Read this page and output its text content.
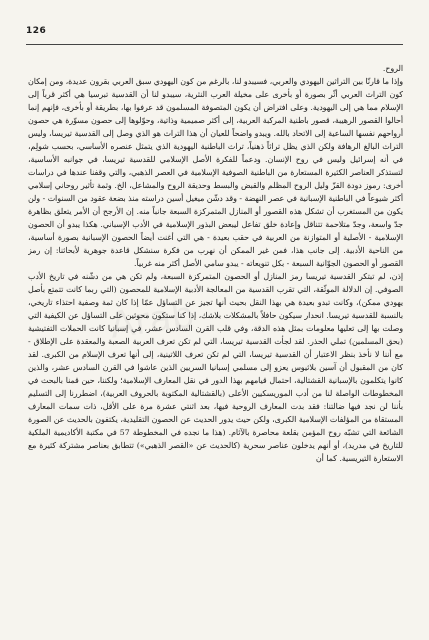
126

الروح.

وإذا ما قارنّا بين التراثين اليهودي والعربي، فسيبدو لنا، بالرغم من كون اليهودي سبق العربي بقرون عديدة، ومن إمكان كون التراث العربي أثّر بصورة أو بأخرى على مخيلة العرب النثرية، سيبدو لنا أن القدسية تبرسيا هي أكثر قرباً إلى الإسلام مما هي إلى اليهودية. وعلى افتراض أن يكون المتصوفة المسلمون قد عرفوا بها، بطريقة أو بأخرى، فإنهم إنما أحالوا القصور الرهيبة، قصور باطنية المركبة العربية، إلى أكثر صميمية وذاتية، وحوّلوها إلى حصون مسوّرة هي حصون أرواحهم نفسها الساعية إلى الاتحاد بالله. ويبدو واضحاً للعيان أن هذا التراث هو الذي وصل إلى القدسية تيريسا، وليس التراث البالغ الرهافة ولكن الذي يظل تراثاً ذهنياً، تراث الباطنية اليهودية الذي يتمثل عنصره الأساسي، بحسب شولِم، في أنه إسرائيل وليس في روح الإنسان. ودعماً للفكرة الأصل الإسلامي للقدسية تيريسا، في جوانبه الأساسية، لتستذكر العناصر الكثيرة المستعارة من الباطنية الصوفية الإسلامية في العصر الذهبي، والتي وقفنا عندها في دراسات أخرى: رموز دودة القزّ وليل الروح المظلم والقبض والبسط وحديقة الروح والمشاعل، الخ. وثمة تأثير روحاني إسلامي أكثر شيوعاً في الباطنية الإسبانية في عصر النهضة - وقد دشّن ميغيل أسين دراسته منذ بضعة عقود من السنوات - ولن يكون من المستغرب أن تشكل هذه القصور أو المنازل المتمركزة السبعة جانباً منه. إن الأرجح أن الأمر يتعلق بظاهرة جدّ واسعة، وجدّ متلاحمة تتناقل وإعادة خلق تفاعل ليبعض البذور الإسلامية في الأدب الإسباني. هكذا يبدو أن الحصون الإسلامية - الأصلية أو المتوازنة من العربية في حقب بعيدة - هي التي أغنت أيضاً الحصون الإسبانية بصورة أساسية، من الناحية الأدبية. إلى جانب هذا، فمن غير الممكن أن نهرب من فكرة سنشكل قاعدة جوهرية لأبحاثنا: إن رمز القصور أو الحصون الجوّانية السبعة - بكل تنويعاته - يبدو سامي الأصل أكثر منه غربياً.

إذن، لم تبتكر القدسية تيريسا رمز المنازل أو الحصون المتمركزة السبعة، ولم تكن هي من دشّنه في تاريخ الأدب الصوفي. إن الدلالة الموثّقة، التي تقرب القدسية من المعالجة الأدبية الإسلامية للمحصون (التي ربما كانت تتمتع بأصل يهودي ممكن)، وكانت تبدو بعيدة هي بهذا النقل بحيث أنها تجيز عن التساؤل عمّا إذا كان ثمة وصفية احتذاء تاريخي، بالنسبة للقدسية تيريسا. انحدار سيكون حافلاً بالمشكلات بلاشك، إذا كنا ستكون محوثين على التساؤل عن الكيفية التي وصلت بها إلى تعليها معلومات بمثل هذه الدقة، وفي قلب القرن السادس عشر، في إسبانيا كانت الحملات التفتيشية (بحق المسلمين) تملي الحذر. لقد لجأت القدسية تيريسا، التي لم تكن تعرف العربية الصعبة والمعقدة على الإطلاق - مع أننا لا نأخذ بنظر الاعتبار أن القدسية تيريسا، التي لم تكن تعرف اللاتينية، إلى أنها تعرف الإسلام من الكبرى. لقد كان من المقبول أن آسين بلاثيوس يعزو إلى مسلمي إسبانيا السريين الذين عاشوا في القرن السادس عشر، والذين كانوا يتكلمون بالإسبانية القشتالية، احتمال قيامهم بهذا الدور في نقل المعارف الإسلامية؛ ولكننا، حين قمنا بالبحث في المخطوطات الواصلة لنا من أدب الموريسكيين الأعلى (بالقشتالية المكتوبة بالحروف العربية)، اضطررنا إلى التسليم بأننا لن نجد فيها ضالتنا: فقد بدت المعارف الروحية فيها، بعد اثنتي عشرة مرة على الأقل، ذات سمات المعارف المستقاة من المؤلفات الإسلامية الكبرى، ولكن حيث يدور الحديث عن الحصون التقليدية، يكتفون بالحديث عن الصورة الشائعة التي تشبّه روح المؤمن بقلعة محاصرة بالآثام. (هذا ما نجده في المخطوطة 57 في مكتبة الأكاديمية الملكية للتاريخ في مدريد)، أو أنهم يدخلون عناصر سحرية (كالحديث عن «القصر الذهبي») تتطابق بعناصر مشتركة كثيرة مع الاستعارة التيريسية. كما أن

Arab
